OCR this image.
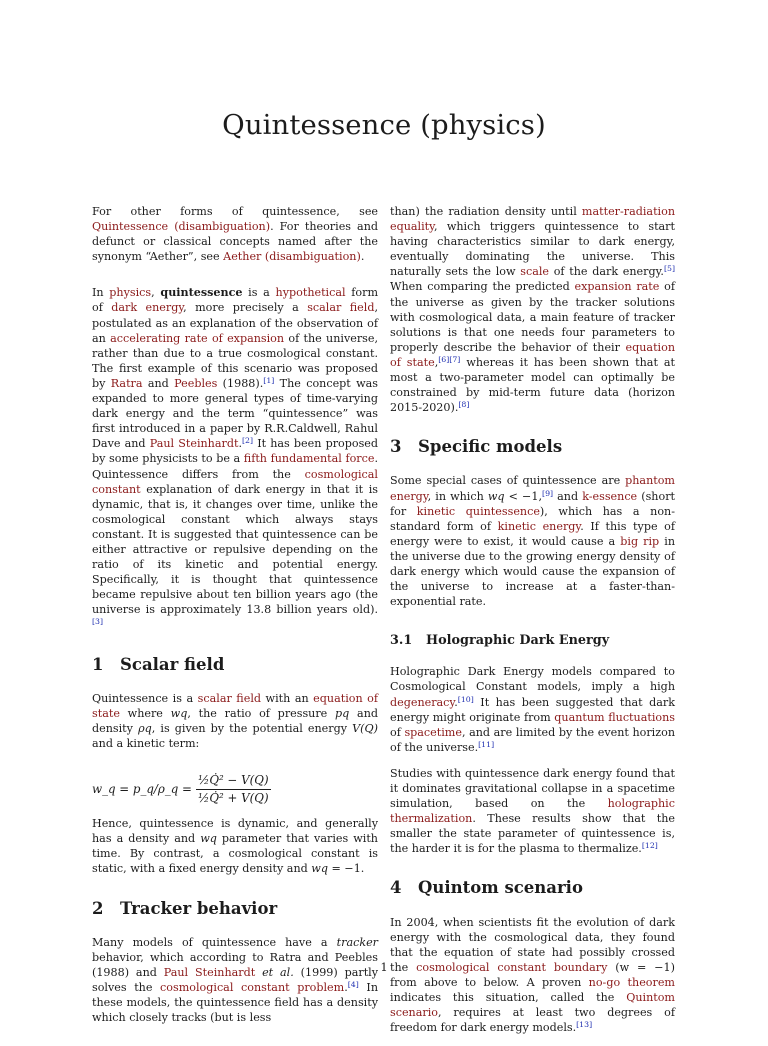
Quintessence (physics)

For other forms of quintessence, see Quintessence (disambiguation). For theories and defunct or classical concepts named after the synonym “Aether”, see Aether (disambiguation).

In physics, quintessence is a hypothetical form of dark energy, more precisely a scalar field, postulated as an explanation of the observation of an accelerating rate of expansion of the universe, rather than due to a true cosmological constant. The first example of this scenario was proposed by Ratra and Peebles (1988).[1] The concept was expanded to more general types of time-varying dark energy and the term “quintessence” was first introduced in a paper by R.R.Caldwell, Rahul Dave and Paul Steinhardt.[2] It has been proposed by some physicists to be a fifth fundamental force. Quintessence differs from the cosmological constant explanation of dark energy in that it is dynamic, that is, it changes over time, unlike the cosmological constant which always stays constant. It is suggested that quintessence can be either attractive or repulsive depending on the ratio of its kinetic and potential energy. Specifically, it is thought that quintessence became repulsive about ten billion years ago (the universe is approximately 13.8 billion years old).[3]

1 Scalar field

Quintessence is a scalar field with an equation of state where wq, the ratio of pressure pq and density ρq, is given by the potential energy V(Q) and a kinetic term:

w_q = p_q/ρ_q = $\frac{\text{½Q̇² − V(Q)}}{\text{½Q̇² + V(Q)}}$

Hence, quintessence is dynamic, and generally has a density and wq parameter that varies with time. By contrast, a cosmological constant is static, with a fixed energy density and wq = −1.

2 Tracker behavior

Many models of quintessence have a tracker behavior, which according to Ratra and Peebles (1988) and Paul Steinhardt et al. (1999) partly solves the cosmological constant problem.[4] In these models, the quintessence field has a density which closely tracks (but is less

than) the radiation density until matter-radiation equality, which triggers quintessence to start having characteristics similar to dark energy, eventually dominating the universe. This naturally sets the low scale of the dark energy.[5] When comparing the predicted expansion rate of the universe as given by the tracker solutions with cosmological data, a main feature of tracker solutions is that one needs four parameters to properly describe the behavior of their equation of state,[6][7] whereas it has been shown that at most a two-parameter model can optimally be constrained by mid-term future data (horizon 2015-2020).[8]

3 Specific models

Some special cases of quintessence are phantom energy, in which wq < −1,[9] and k-essence (short for kinetic quintessence), which has a non-standard form of kinetic energy. If this type of energy were to exist, it would cause a big rip in the universe due to the growing energy density of dark energy which would cause the expansion of the universe to increase at a faster-than-exponential rate.

3.1 Holographic Dark Energy

Holographic Dark Energy models compared to Cosmological Constant models, imply a high degeneracy.[10] It has been suggested that dark energy might originate from quantum fluctuations of spacetime, and are limited by the event horizon of the universe.[11]

Studies with quintessence dark energy found that it dominates gravitational collapse in a spacetime simulation, based on the holographic thermalization. These results show that the smaller the state parameter of quintessence is, the harder it is for the plasma to thermalize.[12]

4 Quintom scenario

In 2004, when scientists fit the evolution of dark energy with the cosmological data, they found that the equation of state had possibly crossed the cosmological constant boundary (w = −1) from above to below. A proven no-go theorem indicates this situation, called the Quintom scenario, requires at least two degrees of freedom for dark energy models.[13]

1
